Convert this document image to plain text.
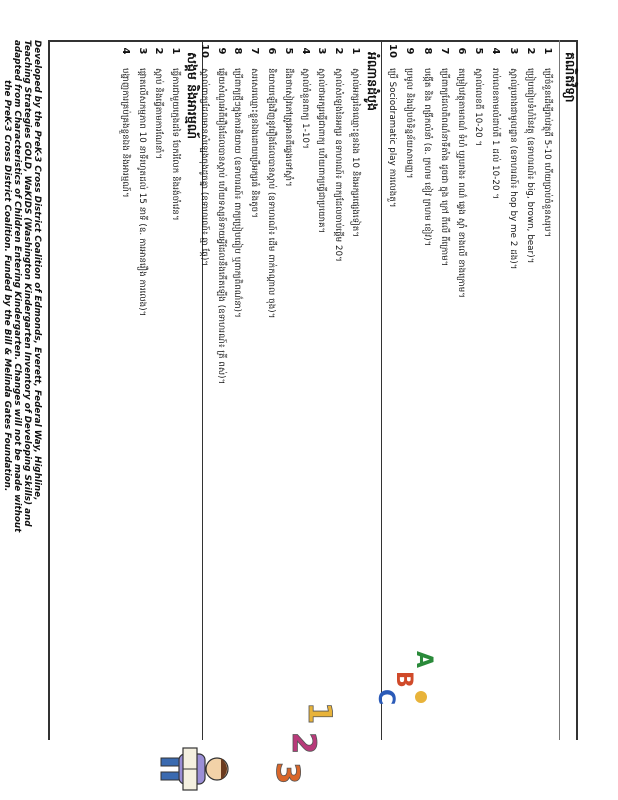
គណិតវិទ្យា
1
ប្រើចំនួនដើម្បីរាប់វត្ថុពី 5-10 ហើយប្រាប់ចំនួនសរុប។
2
ប្រៀបធៀបទំហំនៃវត្ថុ (ឧទាហរណ៍៖ big, brown, bear)។
3
ស្គាល់រូបរាងជាមូលដ្ឋាន (ឧទាហរណ៍៖ hop by me 2 ដង)។
4
រាប់លេខតាមលំដាប់ពី 1 ដល់ 10-20 ។
5
ស្គាល់លេខពី 10-20 ។
6
តម្រៀបវត្ថុតាមពណ៌ ទំហំ ឬរូបរាង៖ ពណ៌ ឆ្វេង ស្តាំ ខាងលើ ខាងក្រោម។
7
ប្រើពាក្យដែលពិពណ៌នាទីតាំង ដូចជា ក្នុង ក្រៅ ពីលើ ពីក្រោម។
8
បង្កើត និង ពង្រីកលំនាំ (ឧ. ក្រហម ខៀវ ក្រហម ខៀវ)។
9
ប្រមូល និងរៀបចំទិន្នន័យសាមញ្ញ។
10
ប្រើ Sociodramatic play ការលេងតួ។
អំណានដំបូង
1
ស្គាល់អក្សរនៃឈ្មោះខ្លួនឯង 10 និងអក្សរផ្សេងទៀត។
2
ស្គាល់សំឡេងនៃអក្សរ ឧទាហរណ៍៖ ពាក្យដែលចាប់ផ្តើម 20។
3
ស្គាល់ថាអក្សរធ្វើជាពាក្យ ហើយពាក្យធ្វើជាប្រយោគ។
4
ស្គាល់ចំនួនពាក្យ 1-10។
5
ដឹងថាសៀវភៅត្រូវអានពីឆ្វេងទៅស្តាំ។
6
និយាយឡើងវិញនូវរឿងដែលបានស្តាប់ (ឧទាហរណ៍៖ ដើម ពាក់កណ្តាល ចុង)។
7
សរសេរឈ្មោះខ្លួនឯងដោយប្រើអក្សរធំ និងតូច។
8
ប្រើពាក្យថ្មីៗក្នុងការនិយាយ (ឧទាហរណ៍៖ ពាក្យប្រៀបធៀប ឬពាក្យពិពណ៌នា)។
9
ឆ្លើយសំណួរអំពីរឿងដែលបានស្តាប់ ហើយទស្សន៍ទាយអ្វីដែលនឹងកើតឡើង (ឧទាហរណ៍៖ ត្រី ពស់)។
10
ស្គាល់ពាក្យដែលមានសំឡេងចុងដូចគ្នា (ឧទាហរណ៍៖ ឆ្មា ឆ្កែ)។
សង្គម និងអារម្មណ៍
1
ធ្វើការជាមួយក្មេងដទៃ ចែករំលែក និងរង់ចាំវេន។
2
ស្តាប់ និងធ្វើតាមការណែនាំ។
3
ផ្តោតលើសកម្មភាព 10 នាទីរហូតដល់ 15 នាទី (ឧ. ការអានរឿង ការលេង)។
4
បង្ហាញការគ្រប់គ្រងខ្លួនឯង និងអារម្មណ៍។
A
B
C
1
2
3
Developed by the PreK-3 Cross District Coalition of Edmonds, Everett, Federal Way, Highline,
Teaching Strategies GOLD, WaKIDS (Washington Kindergarten Inventory of Developing Skills) and
adapted from Characteristics of Children Entering Kindergarten. Changes will not be made without
the PreK-3 Cross District Coalition. Funded by the Bill & Melinda Gates Foundation.
